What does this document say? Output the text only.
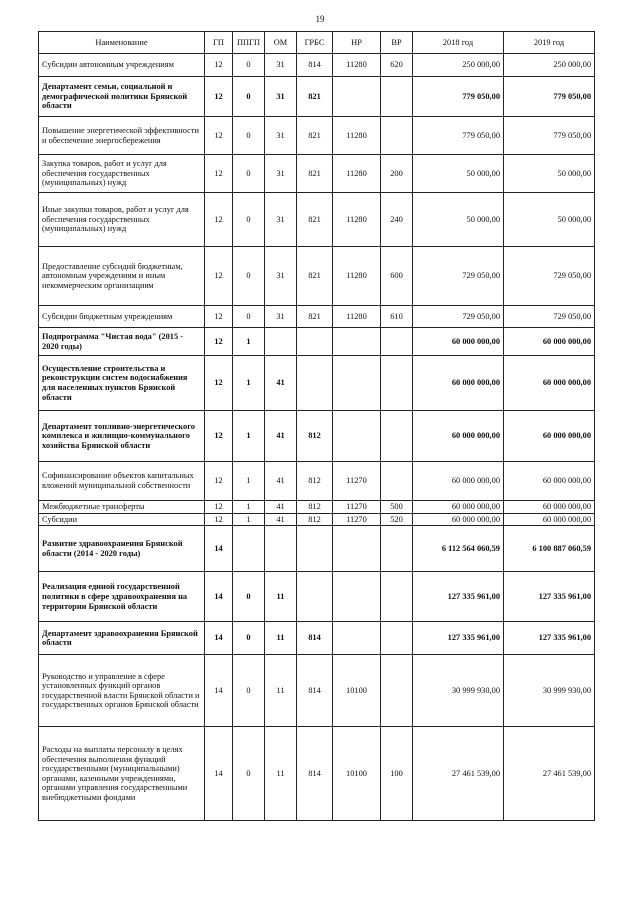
19
Наименование	ГП	ППГП	ОМ	ГРБС	НР	ВР	2018 год	2019 год
Субсидии автономным учреждениям	12	0	31	814	11280	620	250 000,00	250 000,00
Департамент семьи, социальной и демографической политики Брянской области	12	0	31	821			779 050,00	779 050,00
Повышение энергетической эффективности и обеспечение энергосбережения	12	0	31	821	11280		779 050,00	779 050,00
Закупка товаров, работ и услуг для обеспечения государственных (муниципальных) нужд	12	0	31	821	11280	200	50 000,00	50 000,00
Иные закупки товаров, работ и услуг для обеспечения государственных (муниципальных) нужд	12	0	31	821	11280	240	50 000,00	50 000,00
Предоставление субсидий бюджетным, автономным учреждениям и иным некоммерческим организациям	12	0	31	821	11280	600	729 050,00	729 050,00
Субсидии бюджетным учреждениям	12	0	31	821	11280	610	729 050,00	729 050,00
Подпрограмма "Чистая вода" (2015 - 2020 годы)	12	1					60 000 000,00	60 000 000,00
Осуществление строительства и реконструкции систем водоснабжения для населенных пунктов Брянской области	12	1	41				60 000 000,00	60 000 000,00
Департамент топливно-энергетического комплекса и жилищно-коммунального хозяйства Брянской области	12	1	41	812			60 000 000,00	60 000 000,00
Софинансирование объектов капитальных вложений муниципальной собственности	12	1	41	812	11270		60 000 000,00	60 000 000,00
Межбюджетные трансферты	12	1	41	812	11270	500	60 000 000,00	60 000 000,00
Субсидии	12	1	41	812	11270	520	60 000 000,00	60 000 000,00
Развитие здравоохранения Брянской области (2014 - 2020 годы)	14						6 112 564 060,59	6 100 887 060,59
Реализация единой государственной политики в сфере здравоохранения на территории Брянской области	14	0	11				127 335 961,00	127 335 961,00
Департамент здравоохранения Брянской области	14	0	11	814			127 335 961,00	127 335 961,00
Руководство и управление в сфере установленных функций органов государственной власти Брянской области и государственных органов Брянской области	14	0	11	814	10100		30 999 930,00	30 999 930,00
Расходы на выплаты персоналу в целях обеспечения выполнения функций государственными (муниципальными) органами, казенными учреждениями, органами управления государственными внебюджетными фондами	14	0	11	814	10100	100	27 461 539,00	27 461 539,00
